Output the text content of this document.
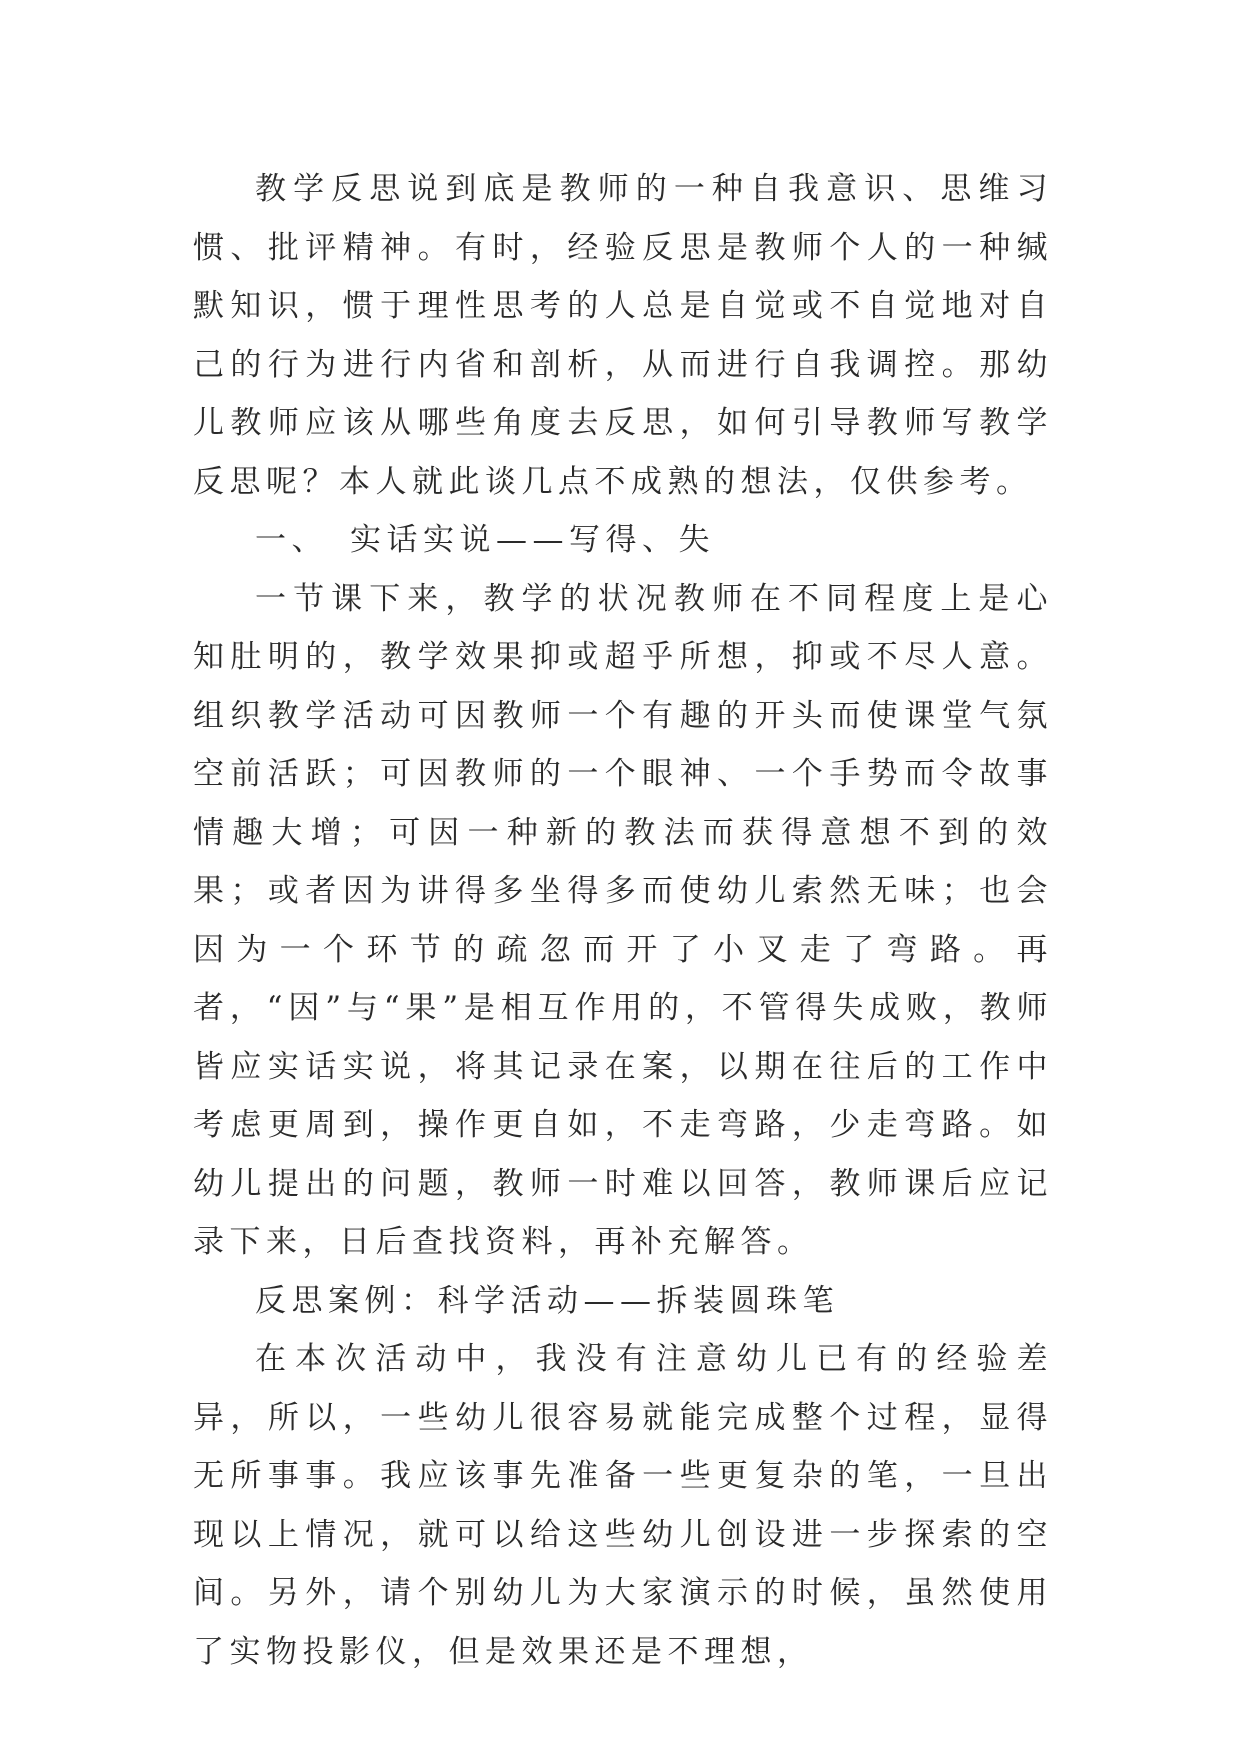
教学反思说到底是教师的一种自我意识、思维习惯、批评精神。有时，经验反思是教师个人的一种缄默知识，惯于理性思考的人总是自觉或不自觉地对自己的行为进行内省和剖析，从而进行自我调控。那幼儿教师应该从哪些角度去反思，如何引导教师写教学反思呢？本人就此谈几点不成熟的想法，仅供参考。

一、 实话实说——写得、失

一节课下来，教学的状况教师在不同程度上是心知肚明的，教学效果抑或超乎所想，抑或不尽人意。组织教学活动可因教师一个有趣的开头而使课堂气氛空前活跃；可因教师的一个眼神、一个手势而令故事情趣大增；可因一种新的教法而获得意想不到的效果；或者因为讲得多坐得多而使幼儿索然无味；也会因为一个环节的疏忽而开了小叉走了弯路。再者，“因”与“果”是相互作用的，不管得失成败，教师皆应实话实说，将其记录在案，以期在往后的工作中考虑更周到，操作更自如，不走弯路，少走弯路。如幼儿提出的问题，教师一时难以回答，教师课后应记录下来，日后查找资料，再补充解答。

反思案例：科学活动——拆装圆珠笔

在本次活动中，我没有注意幼儿已有的经验差异，所以，一些幼儿很容易就能完成整个过程，显得无所事事。我应该事先准备一些更复杂的笔，一旦出现以上情况，就可以给这些幼儿创设进一步探索的空间。另外，请个别幼儿为大家演示的时候，虽然使用了实物投影仪，但是效果还是不理想，
